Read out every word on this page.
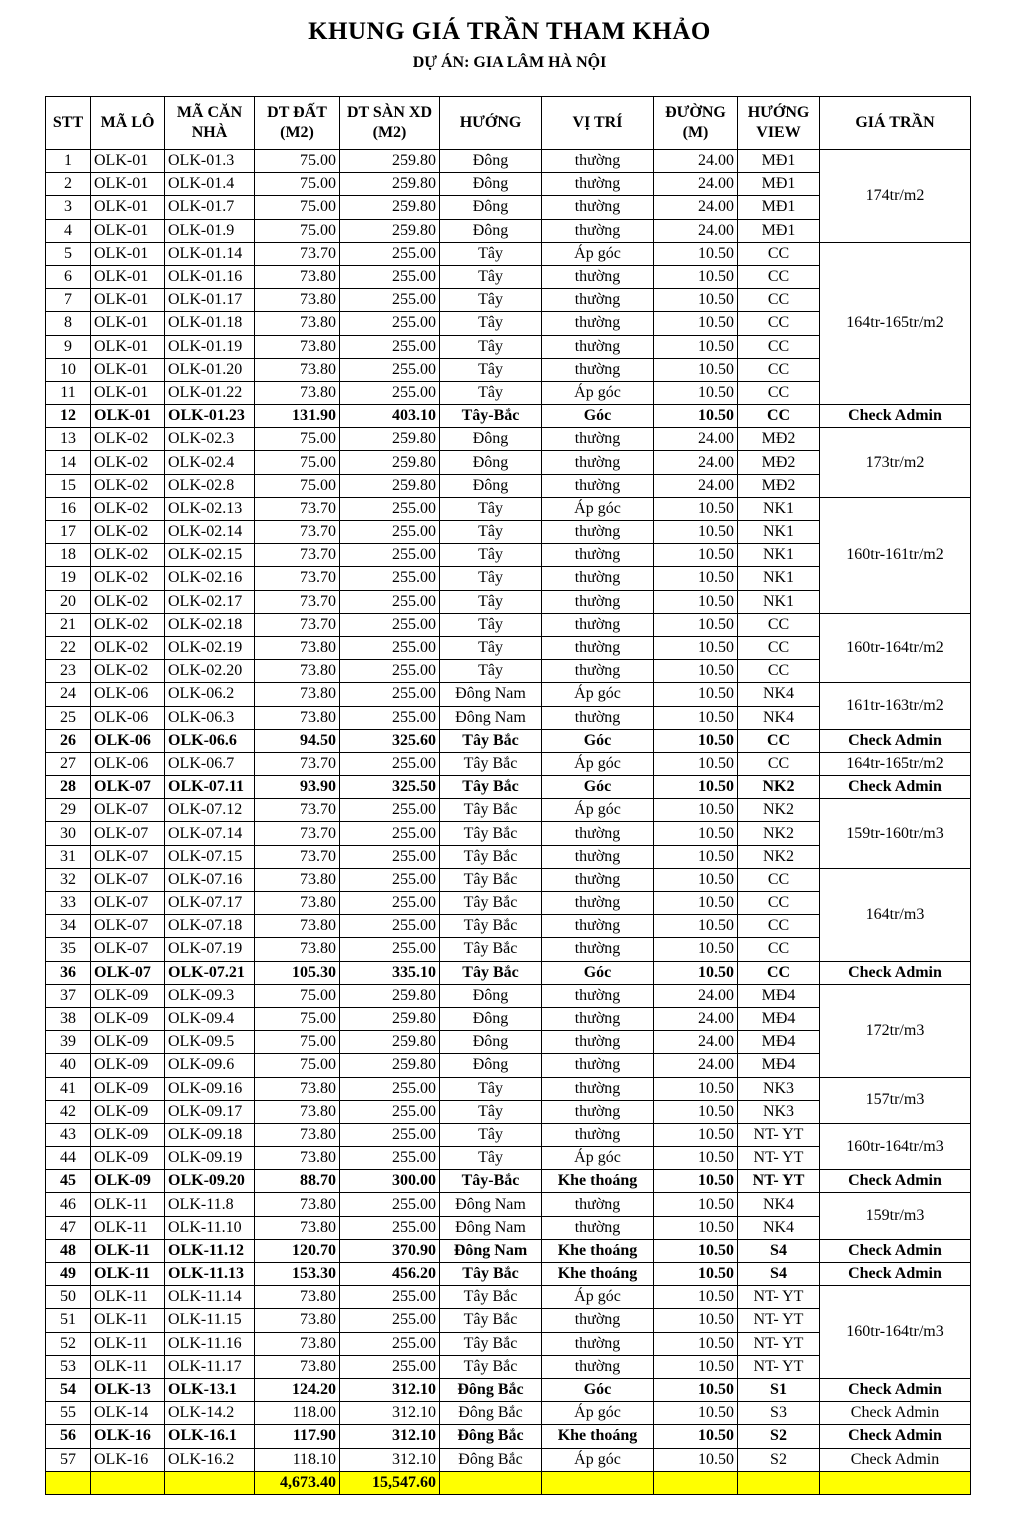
KHUNG GIÁ TRẦN THAM KHẢO
DỰ ÁN: GIA LÂM HÀ NỘI
STT	MÃ LÔ	MÃ CĂN NHÀ	DT ĐẤT (M2)	DT SÀN XD (M2)	HƯỚNG	VỊ TRÍ	ĐƯỜNG (M)	HƯỚNG VIEW	GIÁ TRẦN
1	OLK-01	OLK-01.3	75.00	259.80	Đông	thường	24.00	MĐ1	174tr/m2
2	OLK-01	OLK-01.4	75.00	259.80	Đông	thường	24.00	MĐ1	
3	OLK-01	OLK-01.7	75.00	259.80	Đông	thường	24.00	MĐ1	
4	OLK-01	OLK-01.9	75.00	259.80	Đông	thường	24.00	MĐ1	
5	OLK-01	OLK-01.14	73.70	255.00	Tây	Áp góc	10.50	CC	164tr-165tr/m2
6	OLK-01	OLK-01.16	73.80	255.00	Tây	thường	10.50	CC	
7	OLK-01	OLK-01.17	73.80	255.00	Tây	thường	10.50	CC	
8	OLK-01	OLK-01.18	73.80	255.00	Tây	thường	10.50	CC	
9	OLK-01	OLK-01.19	73.80	255.00	Tây	thường	10.50	CC	
10	OLK-01	OLK-01.20	73.80	255.00	Tây	thường	10.50	CC	
11	OLK-01	OLK-01.22	73.80	255.00	Tây	Áp góc	10.50	CC	
12	OLK-01	OLK-01.23	131.90	403.10	Tây-Bắc	Góc	10.50	CC	Check Admin
13	OLK-02	OLK-02.3	75.00	259.80	Đông	thường	24.00	MĐ2	173tr/m2
14	OLK-02	OLK-02.4	75.00	259.80	Đông	thường	24.00	MĐ2	
15	OLK-02	OLK-02.8	75.00	259.80	Đông	thường	24.00	MĐ2	
16	OLK-02	OLK-02.13	73.70	255.00	Tây	Áp góc	10.50	NK1	160tr-161tr/m2
17	OLK-02	OLK-02.14	73.70	255.00	Tây	thường	10.50	NK1	
18	OLK-02	OLK-02.15	73.70	255.00	Tây	thường	10.50	NK1	
19	OLK-02	OLK-02.16	73.70	255.00	Tây	thường	10.50	NK1	
20	OLK-02	OLK-02.17	73.70	255.00	Tây	thường	10.50	NK1	
21	OLK-02	OLK-02.18	73.70	255.00	Tây	thường	10.50	CC	160tr-164tr/m2
22	OLK-02	OLK-02.19	73.80	255.00	Tây	thường	10.50	CC	
23	OLK-02	OLK-02.20	73.80	255.00	Tây	thường	10.50	CC	
24	OLK-06	OLK-06.2	73.80	255.00	Đông Nam	Áp góc	10.50	NK4	161tr-163tr/m2
25	OLK-06	OLK-06.3	73.80	255.00	Đông Nam	thường	10.50	NK4	
26	OLK-06	OLK-06.6	94.50	325.60	Tây Bắc	Góc	10.50	CC	Check Admin
27	OLK-06	OLK-06.7	73.70	255.00	Tây Bắc	Áp góc	10.50	CC	164tr-165tr/m2
28	OLK-07	OLK-07.11	93.90	325.50	Tây Bắc	Góc	10.50	NK2	Check Admin
29	OLK-07	OLK-07.12	73.70	255.00	Tây Bắc	Áp góc	10.50	NK2	159tr-160tr/m3
30	OLK-07	OLK-07.14	73.70	255.00	Tây Bắc	thường	10.50	NK2	
31	OLK-07	OLK-07.15	73.70	255.00	Tây Bắc	thường	10.50	NK2	
32	OLK-07	OLK-07.16	73.80	255.00	Tây Bắc	thường	10.50	CC	164tr/m3
33	OLK-07	OLK-07.17	73.80	255.00	Tây Bắc	thường	10.50	CC	
34	OLK-07	OLK-07.18	73.80	255.00	Tây Bắc	thường	10.50	CC	
35	OLK-07	OLK-07.19	73.80	255.00	Tây Bắc	thường	10.50	CC	
36	OLK-07	OLK-07.21	105.30	335.10	Tây Bắc	Góc	10.50	CC	Check Admin
37	OLK-09	OLK-09.3	75.00	259.80	Đông	thường	24.00	MĐ4	172tr/m3
38	OLK-09	OLK-09.4	75.00	259.80	Đông	thường	24.00	MĐ4	
39	OLK-09	OLK-09.5	75.00	259.80	Đông	thường	24.00	MĐ4	
40	OLK-09	OLK-09.6	75.00	259.80	Đông	thường	24.00	MĐ4	
41	OLK-09	OLK-09.16	73.80	255.00	Tây	thường	10.50	NK3	157tr/m3
42	OLK-09	OLK-09.17	73.80	255.00	Tây	thường	10.50	NK3	
43	OLK-09	OLK-09.18	73.80	255.00	Tây	thường	10.50	NT- YT	160tr-164tr/m3
44	OLK-09	OLK-09.19	73.80	255.00	Tây	Áp góc	10.50	NT- YT	
45	OLK-09	OLK-09.20	88.70	300.00	Tây-Bắc	Khe thoáng	10.50	NT- YT	Check Admin
46	OLK-11	OLK-11.8	73.80	255.00	Đông Nam	thường	10.50	NK4	159tr/m3
47	OLK-11	OLK-11.10	73.80	255.00	Đông Nam	thường	10.50	NK4	
48	OLK-11	OLK-11.12	120.70	370.90	Đông Nam	Khe thoáng	10.50	S4	Check Admin
49	OLK-11	OLK-11.13	153.30	456.20	Tây Bắc	Khe thoáng	10.50	S4	Check Admin
50	OLK-11	OLK-11.14	73.80	255.00	Tây Bắc	Áp góc	10.50	NT- YT	160tr-164tr/m3
51	OLK-11	OLK-11.15	73.80	255.00	Tây Bắc	thường	10.50	NT- YT	
52	OLK-11	OLK-11.16	73.80	255.00	Tây Bắc	thường	10.50	NT- YT	
53	OLK-11	OLK-11.17	73.80	255.00	Tây Bắc	thường	10.50	NT- YT	
54	OLK-13	OLK-13.1	124.20	312.10	Đông Bắc	Góc	10.50	S1	Check Admin
55	OLK-14	OLK-14.2	118.00	312.10	Đông Bắc	Áp góc	10.50	S3	Check Admin
56	OLK-16	OLK-16.1	117.90	312.10	Đông Bắc	Khe thoáng	10.50	S2	Check Admin
57	OLK-16	OLK-16.2	118.10	312.10	Đông Bắc	Áp góc	10.50	S2	Check Admin
			4,673.40	15,547.60					
